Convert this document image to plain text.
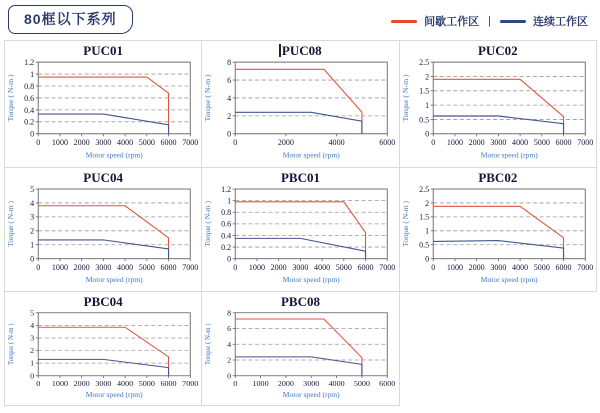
80框以下系列	间歇工作区 |	连续工作区
PUC01
0
0.2
0.4
0.6
0.8
1
1.2
0 1000 2000 3000 4000 5000 6000 7000
Motor speed (rpm)
Torque ( N-m )
PUC08
0
2
4
6
8
0	2000	4000	6000
Motor speed (rpm)
Torque ( N-m )
PUC02
0
0.5
1
1.5
2
2.5
0 1000 2000 3000 4000 5000 6000 7000
Motor speed (rpm)
Torque ( N-m )
PUC04
0
1
2
3
4
5
0 1000 2000 3000 4000 5000 6000 7000
Motor speed (rpm)
Torque ( N-m )
PBC01
0
0.2
0.4
0.6
0.8
1
1.2
0 1000 2000 3000 4000 5000 6000 7000
Motor speed (rpm)
Torque ( N-m )
PBC02
0
0.5
1
1.5
2
2.5
0 1000 2000 3000 4000 5000 6000 7000
Motor speed (rpm)
Torque ( N-m )
PBC04
0
1
2
3
4
5
0 1000 2000 3000 4000 5000 6000 7000
Motor speed (rpm)
Torque ( N-m )
PBC08
0
2
4
6
8
0 1000 2000 3000 4000 5000 6000
Motor speed (rpm)
Torque ( N-m )
